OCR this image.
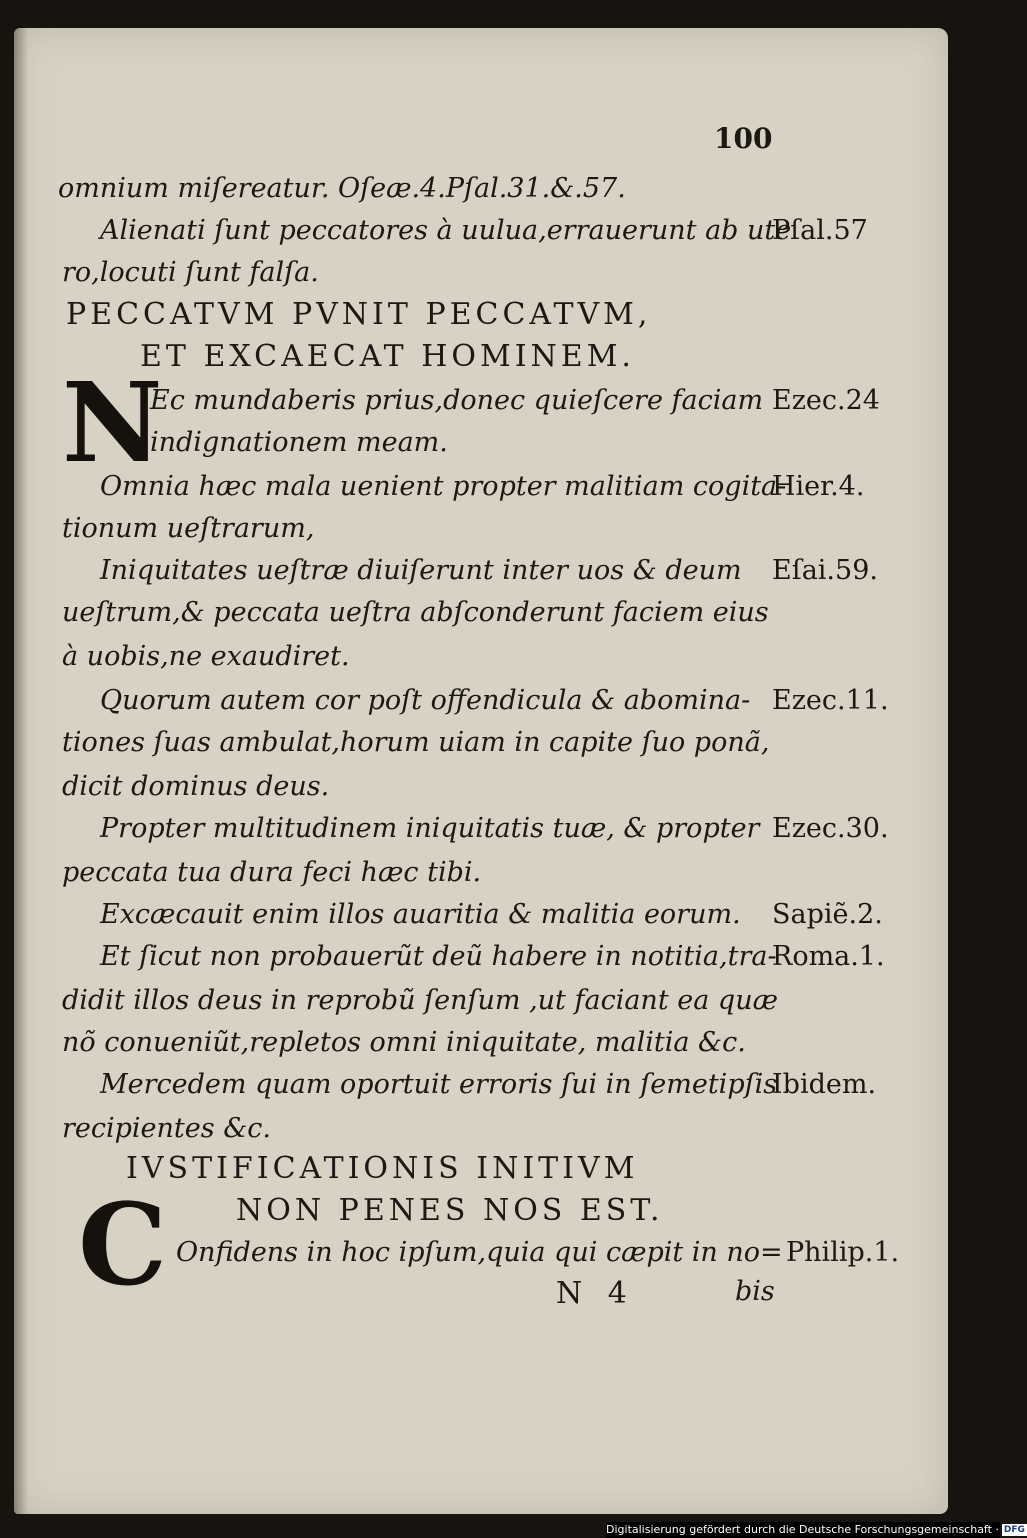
100
omnium miſereatur. Oſeæ.4.Pſal.31.&.57.
Alienati ſunt peccatores à uulua,errauerunt ab ute
Pſal.57
ro,locuti ſunt falſa.
PECCATVM PVNIT PECCATVM,
ET EXCAECAT HOMINEM.
N
Ec mundaberis prius,donec quieſcere faciam Ezec.24
indignationem meam.
Omnia hæc mala uenient propter malitiam cogita-
Hier.4.
tionum ueſtrarum,
Iniquitates ueſtræ diuiſerunt inter uos & deum Eſai.59.
ueſtrum,& peccata ueſtra abſconderunt faciem eius
à uobis,ne exaudiret.
Quorum autem cor poſt offendicula & abomina- Ezec.11.
tiones ſuas ambulat,horum uiam in capite ſuo ponã,
dicit dominus deus.
Propter multitudinem iniquitatis tuæ, & propter Ezec.30.
peccata tua dura feci hæc tibi.
Excæcauit enim illos auaritia & malitia eorum. Sapiẽ.2.
Et ſicut non probauerũt deũ habere in notitia,tra-
Roma.1.
didit illos deus in reprobũ ſenſum ,ut faciant ea quæ
nõ conueniũt,repletos omni iniquitate, malitia &c.
Mercedem quam oportuit erroris ſui in ſemetipſis
Ibidem.
recipientes &c.
IVSTIFICATIONIS INITIVM
NON PENES NOS EST.
C Onfidens in hoc ipſum,quia qui cæpit in no= Philip.1.
N 4	bis
Digitalisierung gefördert durch die Deutsche Forschungsgemeinschaft · DFG
